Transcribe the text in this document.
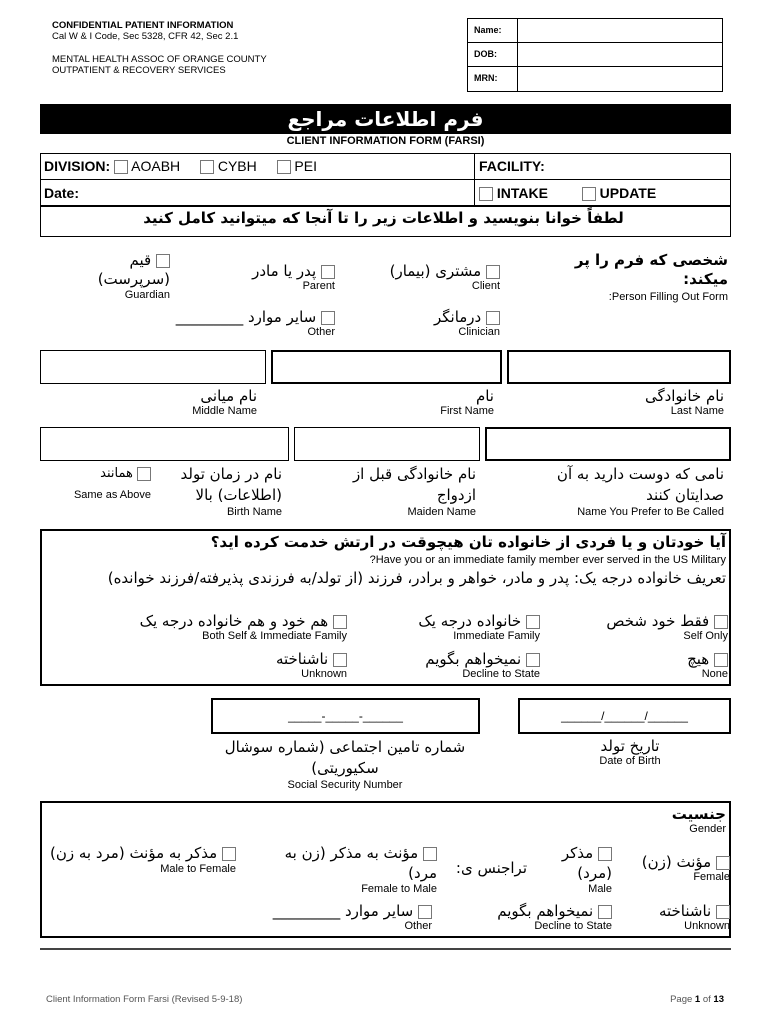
CONFIDENTIAL PATIENT INFORMATION
Cal W & I Code, Sec 5328, CFR 42, Sec 2.1
MENTAL HEALTH ASSOC OF ORANGE COUNTY
OUTPATIENT & RECOVERY SERVICES
Name:
DOB:
MRN:
فرم اطلاعات مراجع
CLIENT INFORMATION FORM (FARSI)
DIVISION: AOABH	CYBH	PEI	FACILITY:
Date:	INTAKE	UPDATE
لطفاً خوانا بنویسید و اطلاعات زیر را تا آنجا که میتوانید کامل کنید
شخصی که فرم را پر میکند:
:Person Filling Out Form
مشتری (بیمار)
Client
پدر یا مادر
Parent
قیم (سرپرست)
Guardian
درمانگر
Clinician
سایر موارد _________
Other
نام خانوادگی
Last Name
نام
First Name
نام میانی
Middle Name
نامی که دوست دارید به آن صدایتان کنند
Name You Prefer to Be Called
نام خانوادگی قبل از ازدواج
Maiden Name
نام در زمان تولد (اطلاعات) بالا
Birth Name
همانند
Same as Above
آیا خودتان و یا فردی از خانواده تان هیچوقت در ارتش خدمت کرده اید؟
?Have you or an immediate family member ever served in the US Military
تعریف خانواده درجه یک: پدر و مادر، خواهر و برادر، فرزند (از تولد/به فرزندی پذیرفته/فرزند خوانده)
فقط خود شخص
Self Only
خانواده درجه یک
Immediate Family
هم خود و هم خانواده درجه یک
Both Self & Immediate Family
هیچ
None
نمیخواهم بگویم
Decline to State
ناشناخته
Unknown
______/______/______
_____-_____-______
تاریخ تولد
Date of Birth
شماره تامین اجتماعی (شماره سوشال سکیوریتی)
Social Security Number
جنسیت
Gender
مؤنث (زن)
Female
مذکر (مرد)
Male
تراجنس ی:
مؤنث به مذکر (زن به مرد)
Female to Male
مذکر به مؤنث (مرد به زن)
Male to Female
ناشناخته
Unknown
نمیخواهم بگویم
Decline to State
سایر موارد _________
Other
Client Information Form Farsi (Revised 5-9-18)	Page 1 of 13
